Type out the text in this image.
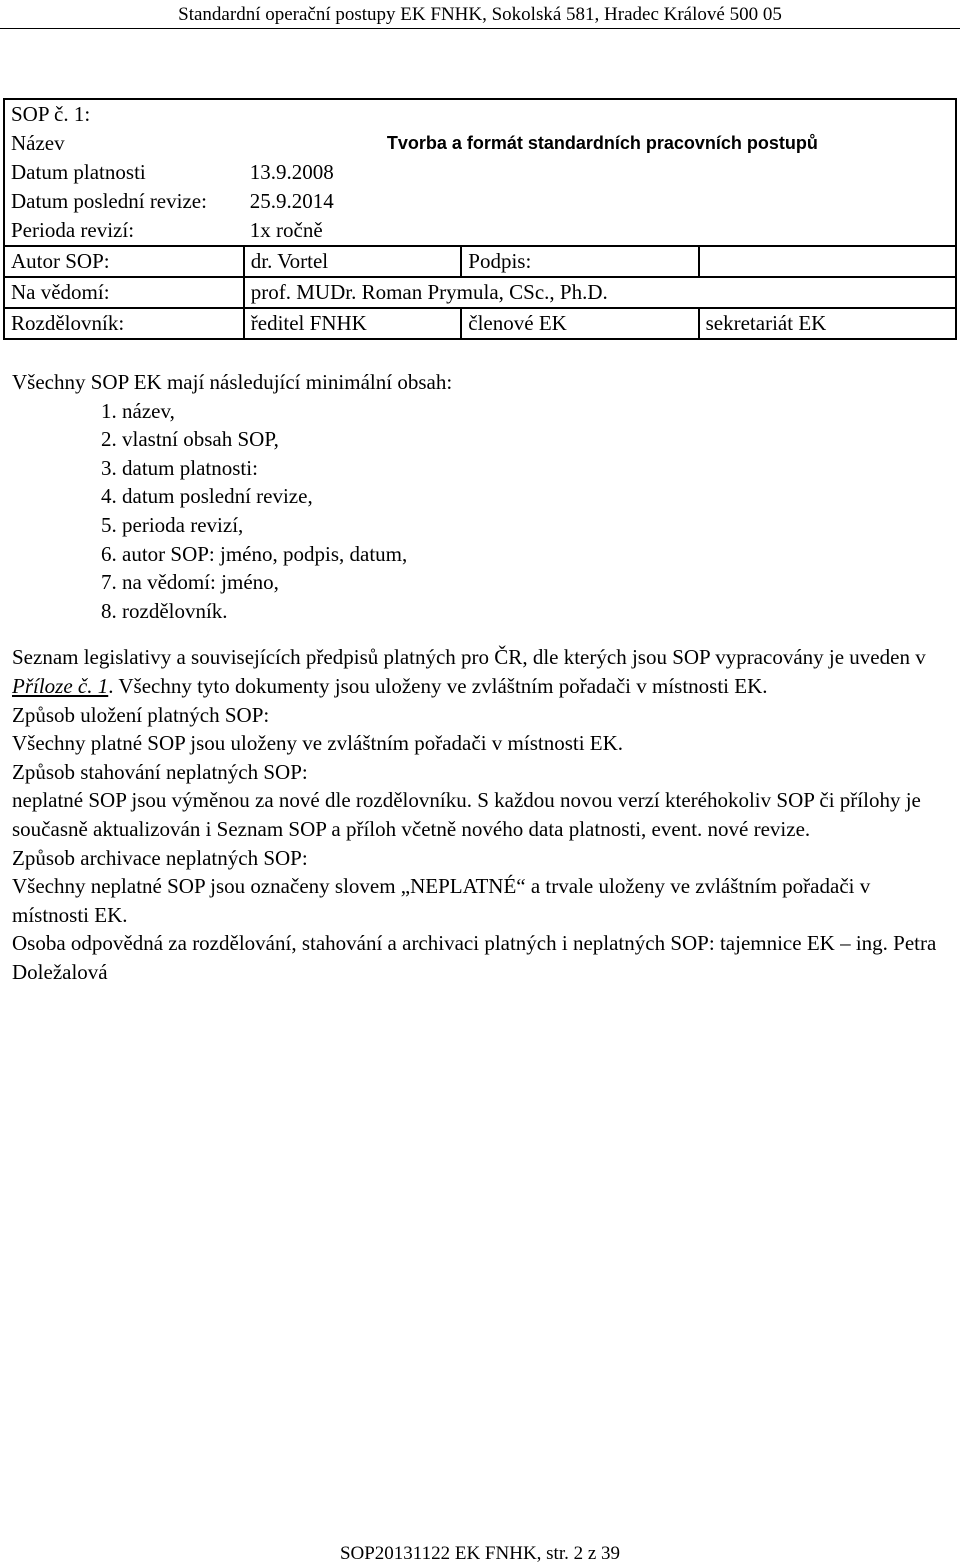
Standardní operační postupy EK FNHK, Sokolská 581, Hradec Králové 500 05
SOP č. 1:			
Název	Tvorba a formát standardních pracovních postupů		
Datum platnosti	13.9.2008		
Datum poslední revize:	25.9.2014		
Perioda revizí:	1x ročně		
Autor SOP:	dr. Vortel	Podpis:	
Na vědomí:	prof. MUDr. Roman Prymula, CSc., Ph.D.		
Rozdělovník:	ředitel FNHK	členové EK	sekretariát EK

Všechny SOP EK mají následující minimální obsah:

1. název,
2. vlastní obsah SOP,
3. datum platnosti:
4. datum poslední revize,
5. perioda revizí,
6. autor SOP: jméno, podpis, datum,
7. na vědomí: jméno,
8. rozdělovník.

Seznam legislativy a souvisejících předpisů platných pro ČR, dle kterých jsou SOP vypracovány je uveden v Příloze č. 1. Všechny tyto dokumenty jsou uloženy ve zvláštním pořadači v místnosti EK.

Způsob uložení platných SOP:

Všechny platné SOP jsou uloženy ve zvláštním pořadači v místnosti EK.

Způsob stahování neplatných SOP:

neplatné SOP jsou výměnou za nové dle rozdělovníku. S každou novou verzí kteréhokoliv SOP či přílohy je současně aktualizován i Seznam SOP a příloh včetně nového data platnosti, event. nové revize.

Způsob archivace neplatných SOP:

Všechny neplatné SOP jsou označeny slovem „NEPLATNÉ“ a trvale uloženy ve zvláštním pořadači v místnosti EK.

Osoba odpovědná za rozdělování, stahování a archivaci platných i neplatných SOP: tajemnice EK – ing. Petra Doležalová

SOP20131122 EK FNHK, str. 2 z 39
